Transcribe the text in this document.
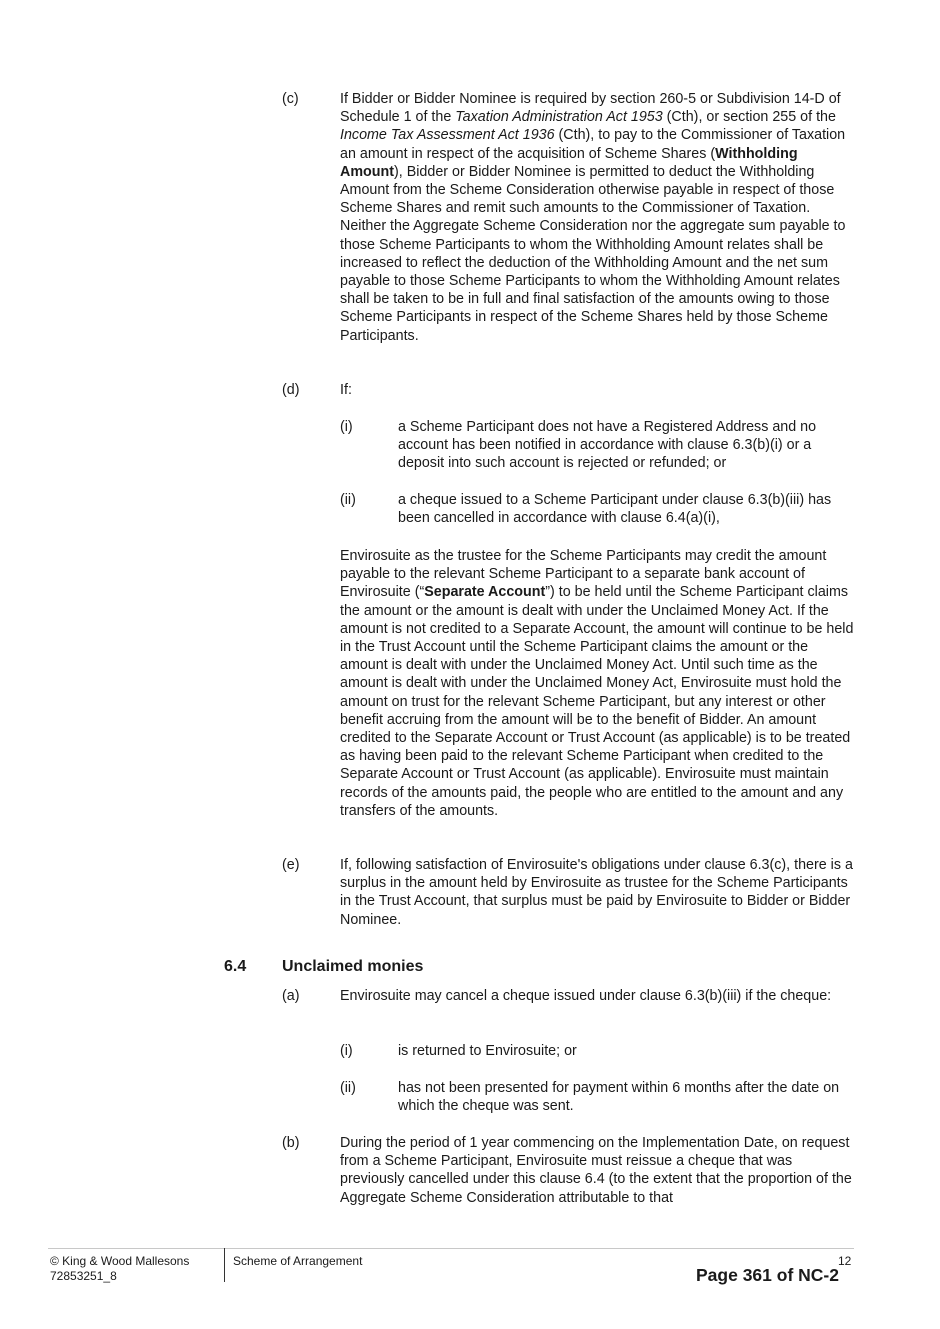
(c)	If Bidder or Bidder Nominee is required by section 260-5 or Subdivision 14-D of Schedule 1 of the Taxation Administration Act 1953 (Cth), or section 255 of the Income Tax Assessment Act 1936 (Cth), to pay to the Commissioner of Taxation an amount in respect of the acquisition of Scheme Shares (Withholding Amount), Bidder or Bidder Nominee is permitted to deduct the Withholding Amount from the Scheme Consideration otherwise payable in respect of those Scheme Shares and remit such amounts to the Commissioner of Taxation. Neither the Aggregate Scheme Consideration nor the aggregate sum payable to those Scheme Participants to whom the Withholding Amount relates shall be increased to reflect the deduction of the Withholding Amount and the net sum payable to those Scheme Participants to whom the Withholding Amount relates shall be taken to be in full and final satisfaction of the amounts owing to those Scheme Participants in respect of the Scheme Shares held by those Scheme Participants.
(d)	If:
(i)	a Scheme Participant does not have a Registered Address and no account has been notified in accordance with clause 6.3(b)(i) or a deposit into such account is rejected or refunded; or
(ii)	a cheque issued to a Scheme Participant under clause 6.3(b)(iii) has been cancelled in accordance with clause 6.4(a)(i),
Envirosuite as the trustee for the Scheme Participants may credit the amount payable to the relevant Scheme Participant to a separate bank account of Envirosuite (“Separate Account”) to be held until the Scheme Participant claims the amount or the amount is dealt with under the Unclaimed Money Act. If the amount is not credited to a Separate Account, the amount will continue to be held in the Trust Account until the Scheme Participant claims the amount or the amount is dealt with under the Unclaimed Money Act. Until such time as the amount is dealt with under the Unclaimed Money Act, Envirosuite must hold the amount on trust for the relevant Scheme Participant, but any interest or other benefit accruing from the amount will be to the benefit of Bidder. An amount credited to the Separate Account or Trust Account (as applicable) is to be treated as having been paid to the relevant Scheme Participant when credited to the Separate Account or Trust Account (as applicable). Envirosuite must maintain records of the amounts paid, the people who are entitled to the amount and any transfers of the amounts.
(e)	If, following satisfaction of Envirosuite's obligations under clause 6.3(c), there is a surplus in the amount held by Envirosuite as trustee for the Scheme Participants in the Trust Account, that surplus must be paid by Envirosuite to Bidder or Bidder Nominee.
6.4 Unclaimed monies
(a)	Envirosuite may cancel a cheque issued under clause 6.3(b)(iii) if the cheque:
(i)	is returned to Envirosuite; or
(ii)	has not been presented for payment within 6 months after the date on which the cheque was sent.
(b)	During the period of 1 year commencing on the Implementation Date, on request from a Scheme Participant, Envirosuite must reissue a cheque that was previously cancelled under this clause 6.4 (to the extent that the proportion of the Aggregate Scheme Consideration attributable to that
© King & Wood Mallesons
72853251_8
Scheme of Arrangement	12
Page 361 of NC-2
